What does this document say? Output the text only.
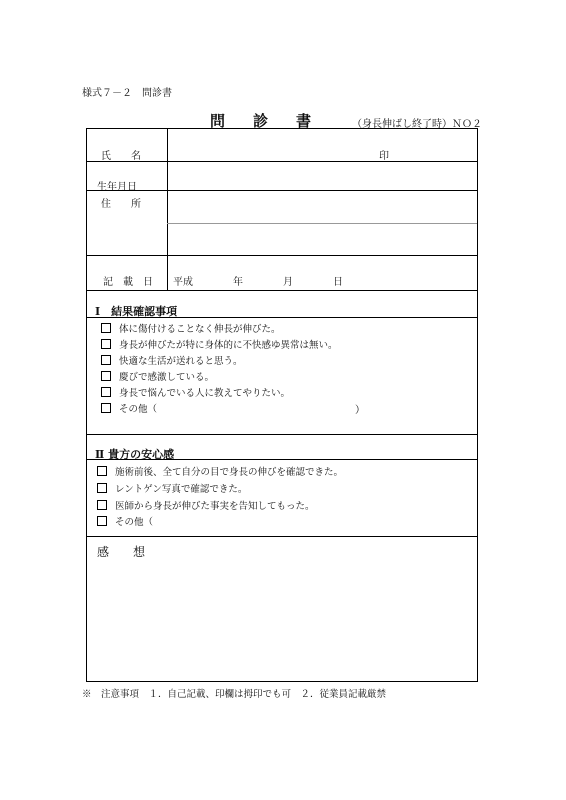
様式７－２　問診書
問診書 （身長伸ばし終了時）ＮＯ２
氏　　名	印
生年月日
住　　所
記　載　日 平成　　　　年　　　　月　　　　日
Ⅰ　結果確認事項
体に傷付けることなく伸長が伸びた。
身長が伸びたが特に身体的に不快感ゆ異常は無い。
快適な生活が送れると思う。
慶びで感激している。
身長で悩んでいる人に教えてやりたい。
その他（	）
Ⅱ 貴方の安心感
施術前後、全て自分の目で身長の伸びを確認できた。
レントゲン写真で確認できた。
医師から身長が伸びた事実を告知してもった。
その他（
感　想
※　注意事項　１．自己記載、印欄は拇印でも可　２．従業員記載厳禁
